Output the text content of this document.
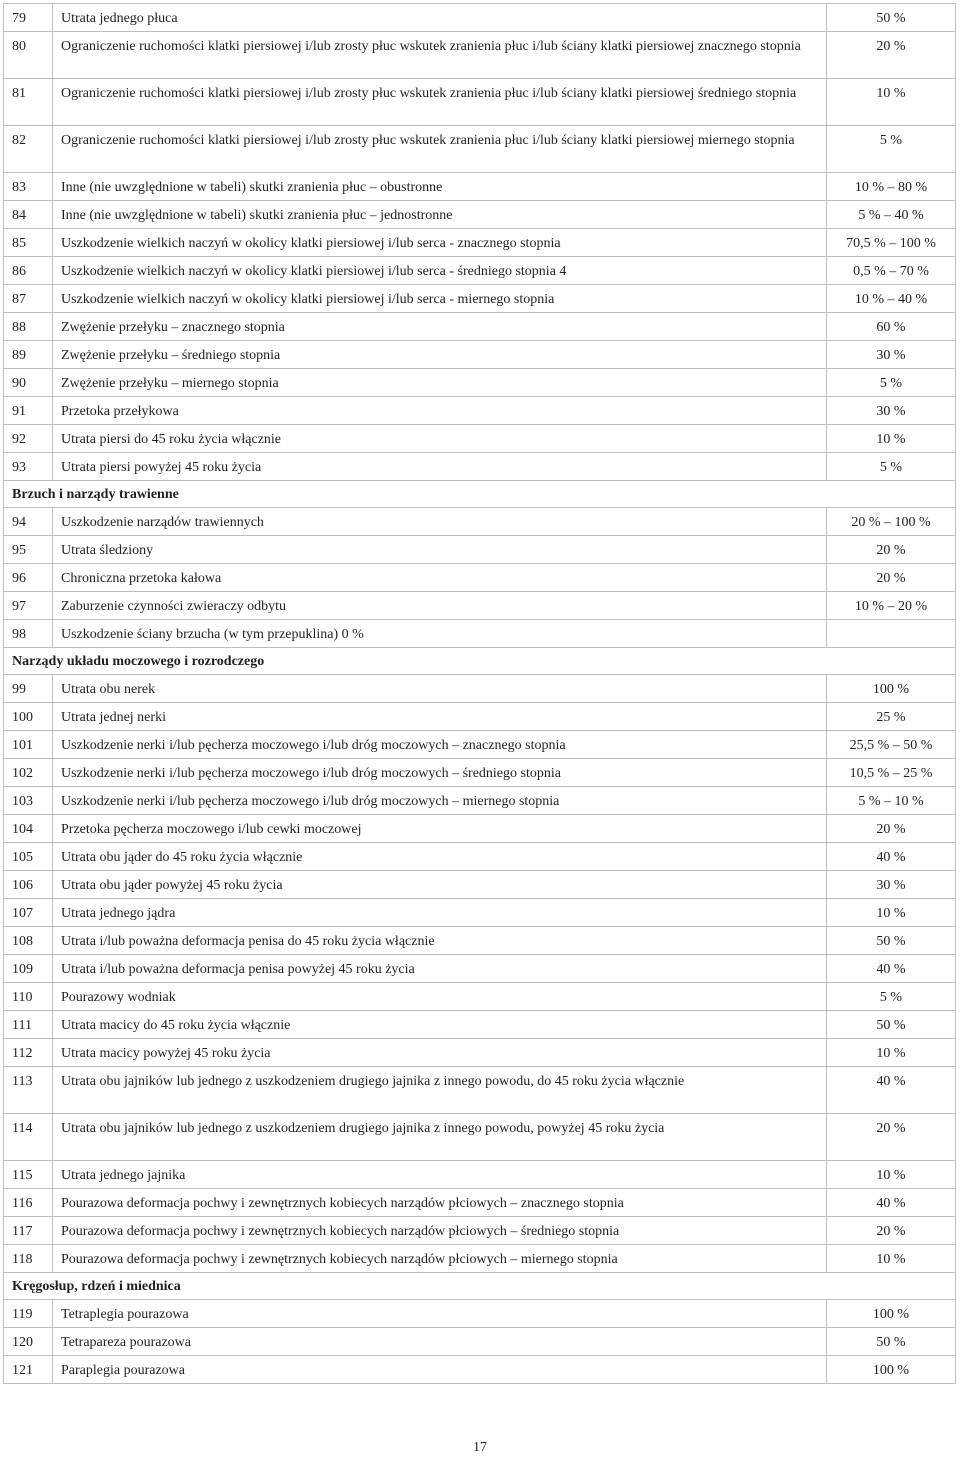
79	Utrata jednego płuca	50 %
80	Ograniczenie ruchomości klatki piersiowej i/lub zrosty płuc wskutek zranienia płuc i/lub ściany klatki piersiowej znacznego stopnia	20 %
81	Ograniczenie ruchomości klatki piersiowej i/lub zrosty płuc wskutek zranienia płuc i/lub ściany klatki piersiowej średniego stopnia	10 %
82	Ograniczenie ruchomości klatki piersiowej i/lub zrosty płuc wskutek zranienia płuc i/lub ściany klatki piersiowej miernego stopnia	5 %
83	Inne (nie uwzględnione w tabeli) skutki zranienia płuc – obustronne	10 % – 80 %
84	Inne (nie uwzględnione w tabeli) skutki zranienia płuc – jednostronne	5 % – 40 %
85	Uszkodzenie wielkich naczyń w okolicy klatki piersiowej i/lub serca - znacznego stopnia	70,5 % – 100 %
86	Uszkodzenie wielkich naczyń w okolicy klatki piersiowej i/lub serca - średniego stopnia 4	0,5 % – 70 %
87	Uszkodzenie wielkich naczyń w okolicy klatki piersiowej i/lub serca - miernego stopnia	10 % – 40 %
88	Zwężenie przełyku – znacznego stopnia	60 %
89	Zwężenie przełyku – średniego stopnia	30 %
90	Zwężenie przełyku – miernego stopnia	5 %
91	Przetoka przełykowa	30 %
92	Utrata piersi do 45 roku życia włącznie	10 %
93	Utrata piersi powyżej 45 roku życia	5 %
Brzuch i narządy trawienne		
94	Uszkodzenie narządów trawiennych	20 % – 100 %
95	Utrata śledziony	20 %
96	Chroniczna przetoka kałowa	20 %
97	Zaburzenie czynności zwieraczy odbytu	10 % – 20 %
98	Uszkodzenie ściany brzucha (w tym przepuklina) 0 %	
Narządy układu moczowego i rozrodczego		
99	Utrata obu nerek	100 %
100	Utrata jednej nerki	25 %
101	Uszkodzenie nerki i/lub pęcherza moczowego i/lub dróg moczowych – znacznego stopnia	25,5 % – 50 %
102	Uszkodzenie nerki i/lub pęcherza moczowego i/lub dróg moczowych – średniego stopnia	10,5 % – 25 %
103	Uszkodzenie nerki i/lub pęcherza moczowego i/lub dróg moczowych – miernego stopnia	5 % – 10 %
104	Przetoka pęcherza moczowego i/lub cewki moczowej	20 %
105	Utrata obu jąder do 45 roku życia włącznie	40 %
106	Utrata obu jąder powyżej 45 roku życia	30 %
107	Utrata jednego jądra	10 %
108	Utrata i/lub poważna deformacja penisa do 45 roku życia włącznie	50 %
109	Utrata i/lub poważna deformacja penisa powyżej 45 roku życia	40 %
110	Pourazowy wodniak	5 %
111	Utrata macicy do 45 roku życia włącznie	50 %
112	Utrata macicy powyżej 45 roku życia	10 %
113	Utrata obu jajników lub jednego z uszkodzeniem drugiego jajnika z innego powodu, do 45 roku życia włącznie	40 %
114	Utrata obu jajników lub jednego z uszkodzeniem drugiego jajnika z innego powodu, powyżej 45 roku życia	20 %
115	Utrata jednego jajnika	10 %
116	Pourazowa deformacja pochwy i zewnętrznych kobiecych narządów płciowych – znacznego stopnia	40 %
117	Pourazowa deformacja pochwy i zewnętrznych kobiecych narządów płciowych – średniego stopnia	20 %
118	Pourazowa deformacja pochwy i zewnętrznych kobiecych narządów płciowych – miernego stopnia	10 %
Kręgosłup, rdzeń i miednica		
119	Tetraplegia pourazowa	100 %
120	Tetrapareza pourazowa	50 %
121	Paraplegia pourazowa	100 %
17
